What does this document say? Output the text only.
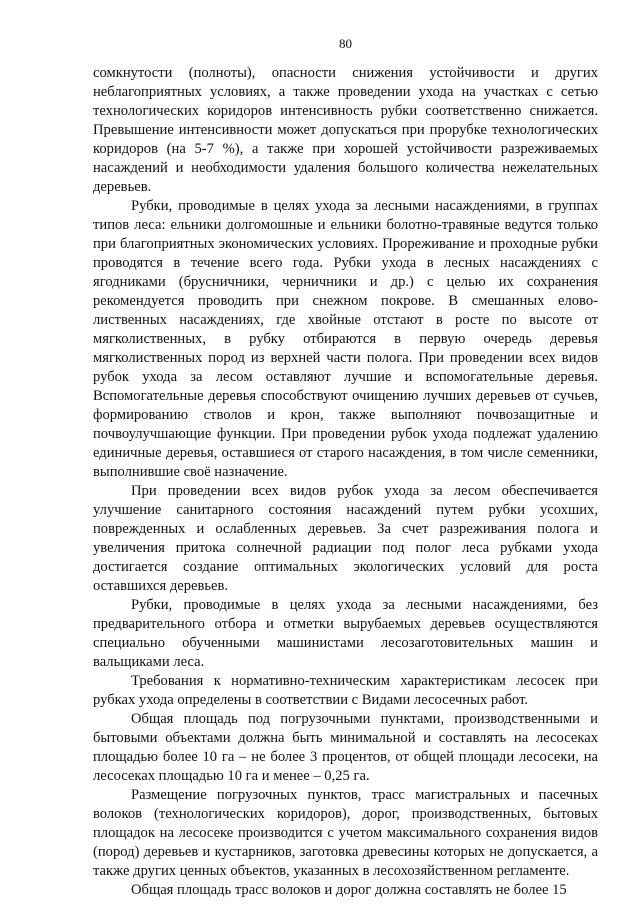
80

сомкнутости (полноты), опасности снижения устойчивости и других неблагоприятных условиях, а также проведении ухода на участках с сетью технологических коридоров интенсивность рубки соответственно снижается. Превышение интенсивности может допускаться при прорубке технологических коридоров (на 5-7 %), а также при хорошей устойчивости разреживаемых насаждений и необходимости удаления большого количества нежелательных деревьев.

Рубки, проводимые в целях ухода за лесными насаждениями, в группах типов леса: ельники долгомошные и ельники болотно-травяные ведутся только при благоприятных экономических условиях. Прореживание и проходные рубки проводятся в течение всего года. Рубки ухода в лесных насаждениях с ягодниками (брусничники, черничники и др.) с целью их сохранения рекомендуется проводить при снежном покрове. В смешанных елово-лиственных насаждениях, где хвойные отстают в росте по высоте от мягколиственных, в рубку отбираются в первую очередь деревья мягколиственных пород из верхней части полога. При проведении всех видов рубок ухода за лесом оставляют лучшие и вспомогательные деревья. Вспомогательные деревья способствуют очищению лучших деревьев от сучьев, формированию стволов и крон, также выполняют почвозащитные и почвоулучшающие функции. При проведении рубок ухода подлежат удалению единичные деревья, оставшиеся от старого насаждения, в том числе семенники, выполнившие своё назначение.

При проведении всех видов рубок ухода за лесом обеспечивается улучшение санитарного состояния насаждений путем рубки усохших, поврежденных и ослабленных деревьев. За счет разреживания полога и увеличения притока солнечной радиации под полог леса рубками ухода достигается создание оптимальных экологических условий для роста оставшихся деревьев.

Рубки, проводимые в целях ухода за лесными насаждениями, без предварительного отбора и отметки вырубаемых деревьев осуществляются специально обученными машинистами лесозаготовительных машин и вальщиками леса.

Требования к нормативно-техническим характеристикам лесосек при рубках ухода определены в соответствии с Видами лесосечных работ.

Общая площадь под погрузочными пунктами, производственными и бытовыми объектами должна быть минимальной и составлять на лесосеках площадью более 10 га – не более 3 процентов, от общей площади лесосеки, на лесосеках площадью 10 га и менее – 0,25 га.

Размещение погрузочных пунктов, трасс магистральных и пасечных волоков (технологических коридоров), дорог, производственных, бытовых площадок на лесосеке производится с учетом максимального сохранения видов (пород) деревьев и кустарников, заготовка древесины которых не допускается, а также других ценных объектов, указанных в лесохозяйственном регламенте.

Общая площадь трасс волоков и дорог должна составлять не более 15
